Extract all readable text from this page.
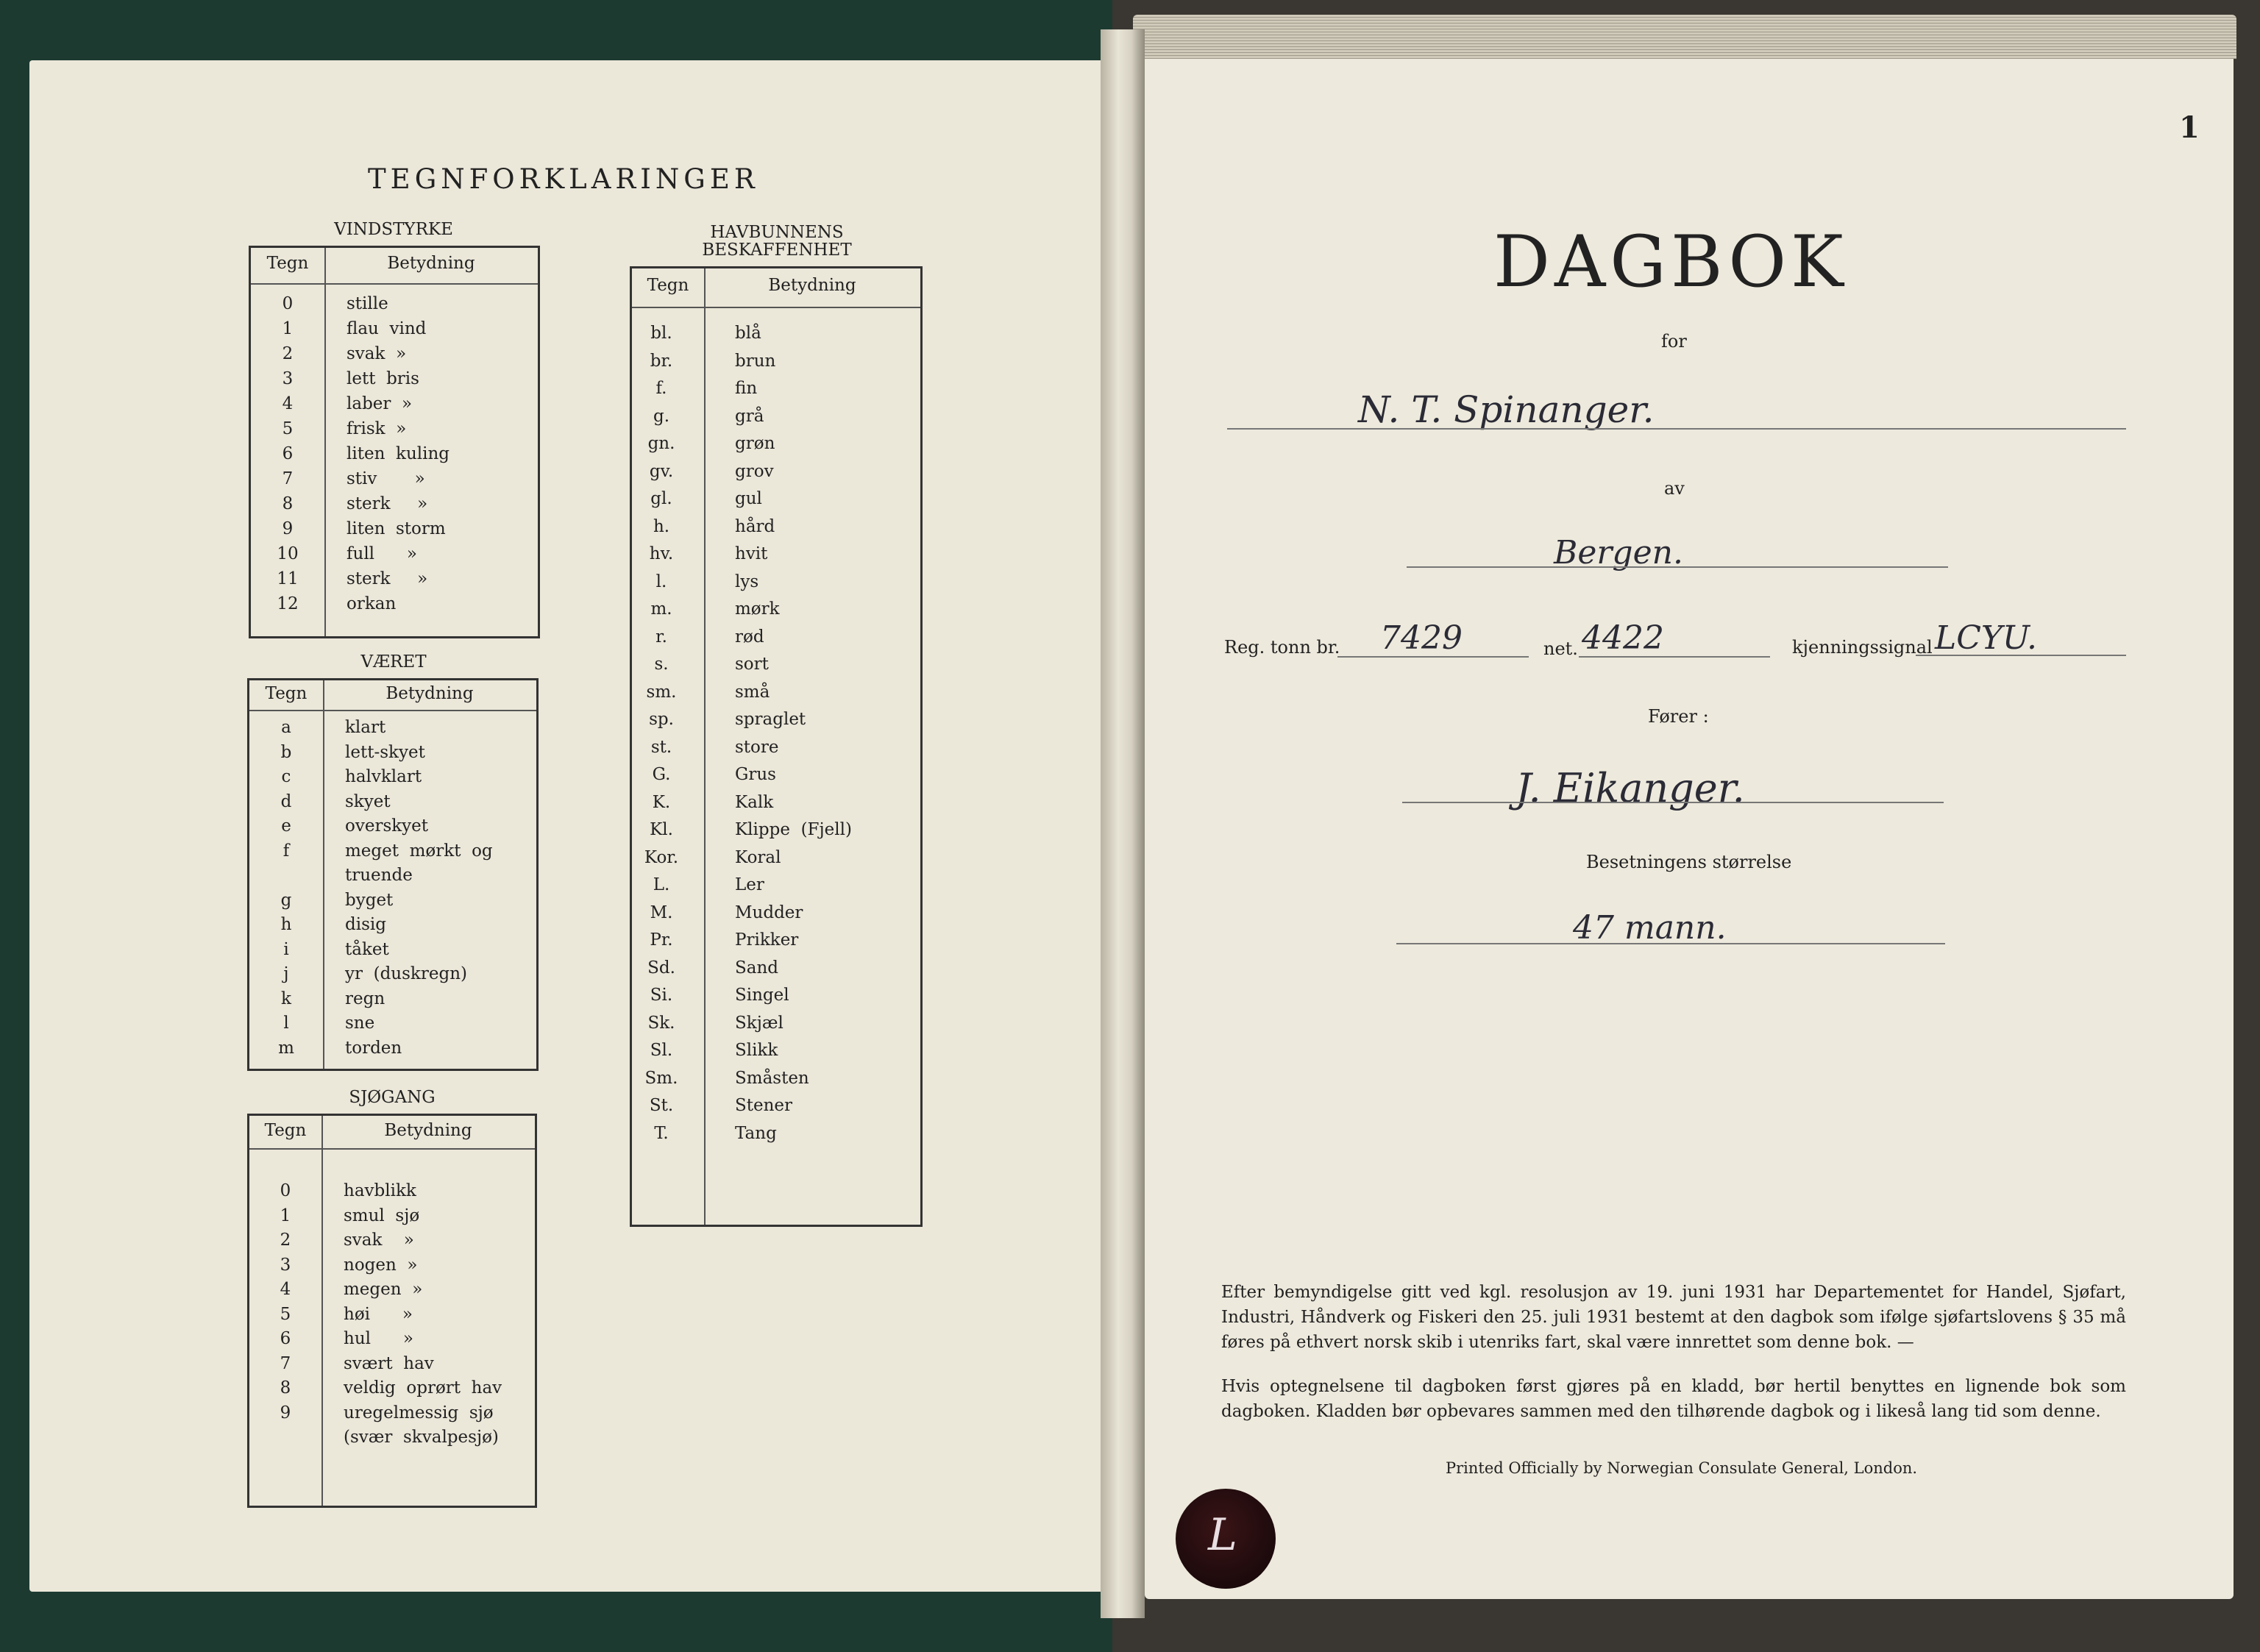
TEGNFORKLARINGER
VINDSTYRKE
Tegn	Betydning
0	stille
1	flau  vind
2	svak  »
3	lett  bris
4	laber  »
5	frisk  »
6	liten  kuling
7	stiv       »
8	sterk     »
9	liten  storm
10	full      »
11	sterk     »
12	orkan
VÆRET
Tegn	Betydning
a	klart
b	lett-skyet
c	halvklart
d	skyet
e	overskyet
f	meget  mørkt  og
truende
g	byget
h	disig
i	tåket
j	yr  (duskregn)
k	regn
l	sne
m	torden
SJØGANG
Tegn	Betydning
0	havblikk
1	smul  sjø
2	svak    »
3	nogen  »
4	megen  »
5	høi      »
6	hul      »
7	svært  hav
8	veldig  oprørt  hav
9	uregelmessig  sjø
(svær  skvalpesjø)
HAVBUNNENS
BESKAFFENHET
Tegn	Betydning
bl.	blå
br.	brun
f.	fin
g.	grå
gn.	grøn
gv.	grov
gl.	gul
h.	hård
hv.	hvit
l.	lys
m.	mørk
r.	rød
s.	sort
sm.	små
sp.	spraglet
st.	store
G.	Grus
K.	Kalk
Kl.	Klippe  (Fjell)
Kor.	Koral
L.	Ler
M.	Mudder
Pr.	Prikker
Sd.	Sand
Si.	Singel
Sk.	Skjæl
Sl.	Slikk
Sm.	Småsten
St.	Stener
T.	Tang
1
DAGBOK
for
N. T. Spinanger.
av
Bergen.
Reg. tonn br. 7429	net. 4422	kjenningssignal LCYU.
Fører :
J. Eikanger.
Besetningens størrelse
47 mann.
Efter bemyndigelse gitt ved kgl. resolusjon av 19. juni 1931 har Departementet for Handel, Sjøfart, Industri, Håndverk og Fiskeri den 25. juli 1931 bestemt at den dagbok som ifølge sjøfartslovens § 35 må føres på ethvert norsk skib i utenriks fart, skal være innrettet som denne bok. —
Hvis optegnelsene til dagboken først gjøres på en kladd, bør hertil benyttes en lignende bok som dagboken. Kladden bør opbevares sammen med den tilhørende dagbok og i likeså lang tid som denne.
Printed Officially by Norwegian Consulate General, London.
L
